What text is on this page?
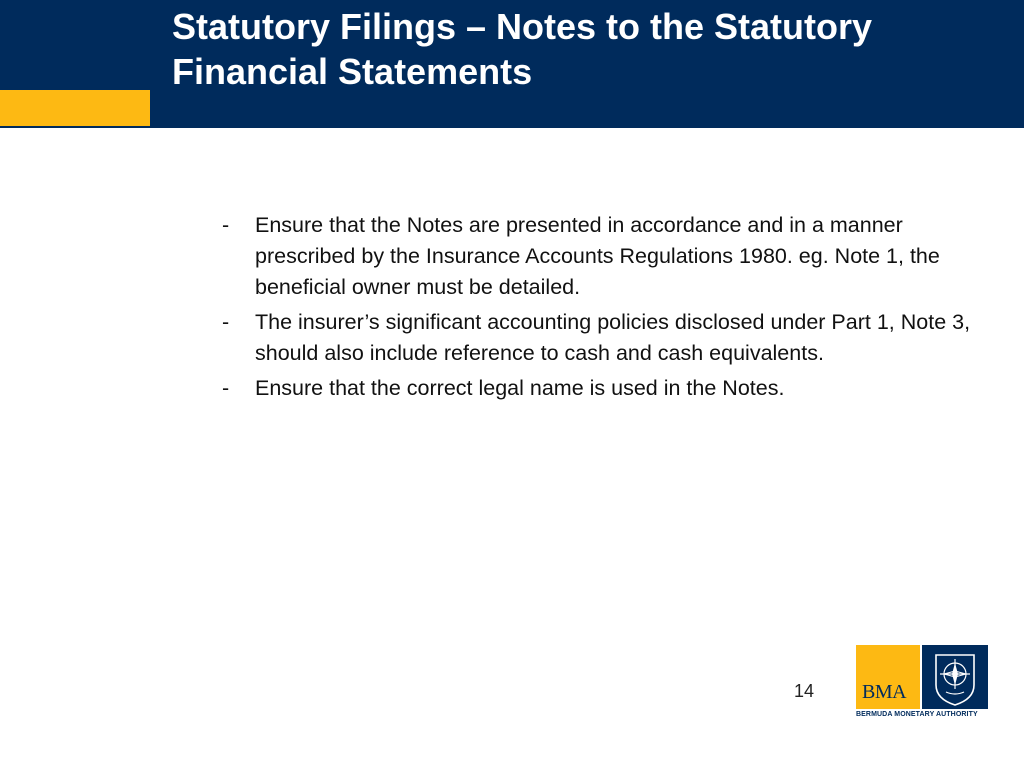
Statutory Filings – Notes to the Statutory Financial Statements
-	Ensure that the Notes are presented in accordance and in a manner prescribed by the Insurance Accounts Regulations 1980. eg. Note 1, the beneficial owner must be detailed.
-	The insurer’s significant accounting policies disclosed under Part 1, Note 3, should also include reference to cash and cash equivalents.
-	Ensure that the correct legal name is used in the Notes.
14 BMA
BERMUDA MONETARY AUTHORITY
